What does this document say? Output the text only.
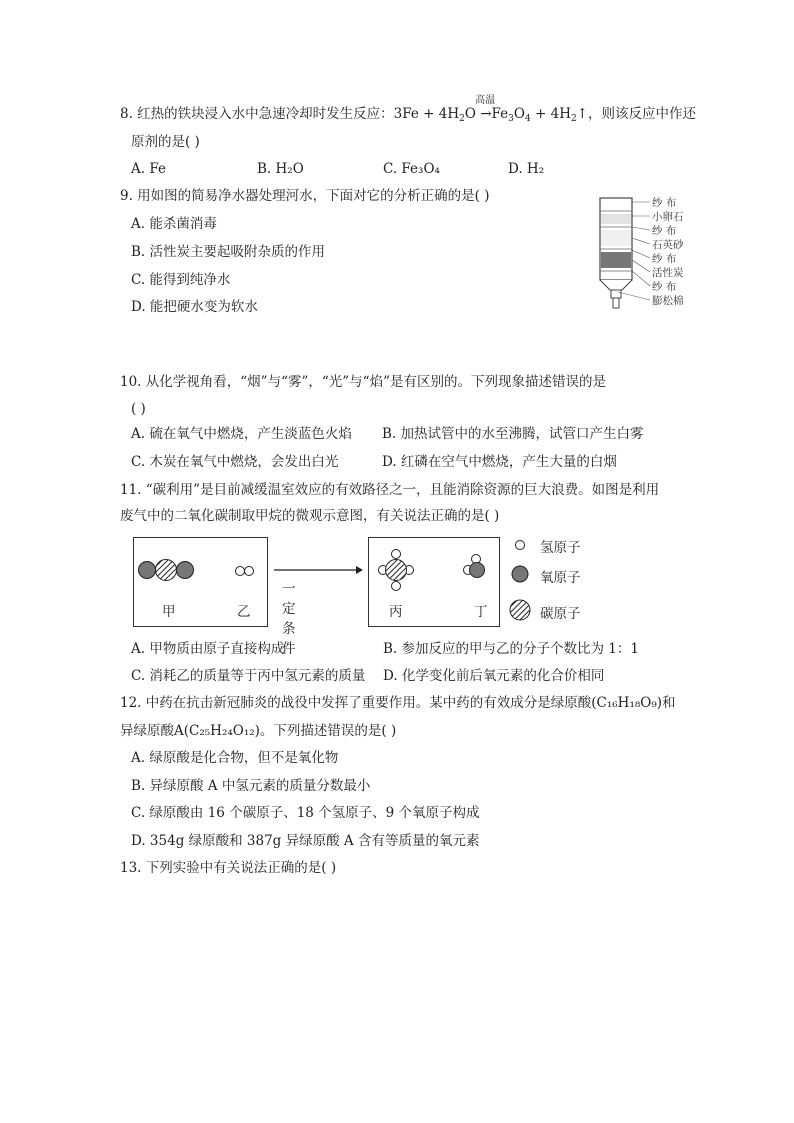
8. 红热的铁块浸入水中急速冷却时发生反应：$3Fe + 4H_2O$
高温
$\to Fe_3O_4$ + $4H_2↑$，则该反应中作还
原剂的是( )
A. Fe	B. H₂O	C. Fe₃O₄	D. H₂
9. 用如图的简易净水器处理河水，下面对它的分析正确的是( )
A. 能杀菌消毒
B. 活性炭主要起吸附杂质的作用
C. 能得到纯净水
D. 能把硬水变为软水
纱 布
小卵石
纱 布
石英砂
纱 布
活性炭
纱 布
膨松棉
10. 从化学视角看，“烟”与“雾”，“光”与“焰”是有区别的。下列现象描述错误的是
( )
A. 硫在氧气中燃烧，产生淡蓝色火焰 B. 加热试管中的水至沸腾，试管口产生白雾
C. 木炭在氧气中燃烧，会发出白光	D. 红磷在空气中燃烧，产生大量的白烟
11. “碳利用”是目前减缓温室效应的有效路径之一，且能消除资源的巨大浪费。如图是利用
废气中的二氧化碳制取甲烷的微观示意图，有关说法正确的是( )
甲	乙
一定条件
丙	丁
氢原子
氧原子
碳原子
A. 甲物质由原子直接构成	B. 参加反应的甲与乙的分子个数比为 1：1
C. 消耗乙的质量等于丙中氢元素的质量 D. 化学变化前后氧元素的化合价相同
12. 中药在抗击新冠肺炎的战役中发挥了重要作用。某中药的有效成分是绿原酸(C₁₆H₁₈O₉)和
异绿原酸A(C₂₅H₂₄O₁₂)。下列描述错误的是( )
A. 绿原酸是化合物，但不是氧化物
B. 异绿原酸 A 中氢元素的质量分数最小
C. 绿原酸由 16 个碳原子、18 个氢原子、9 个氧原子构成
D. 354g 绿原酸和 387g 异绿原酸 A 含有等质量的氧元素
13. 下列实验中有关说法正确的是( )
